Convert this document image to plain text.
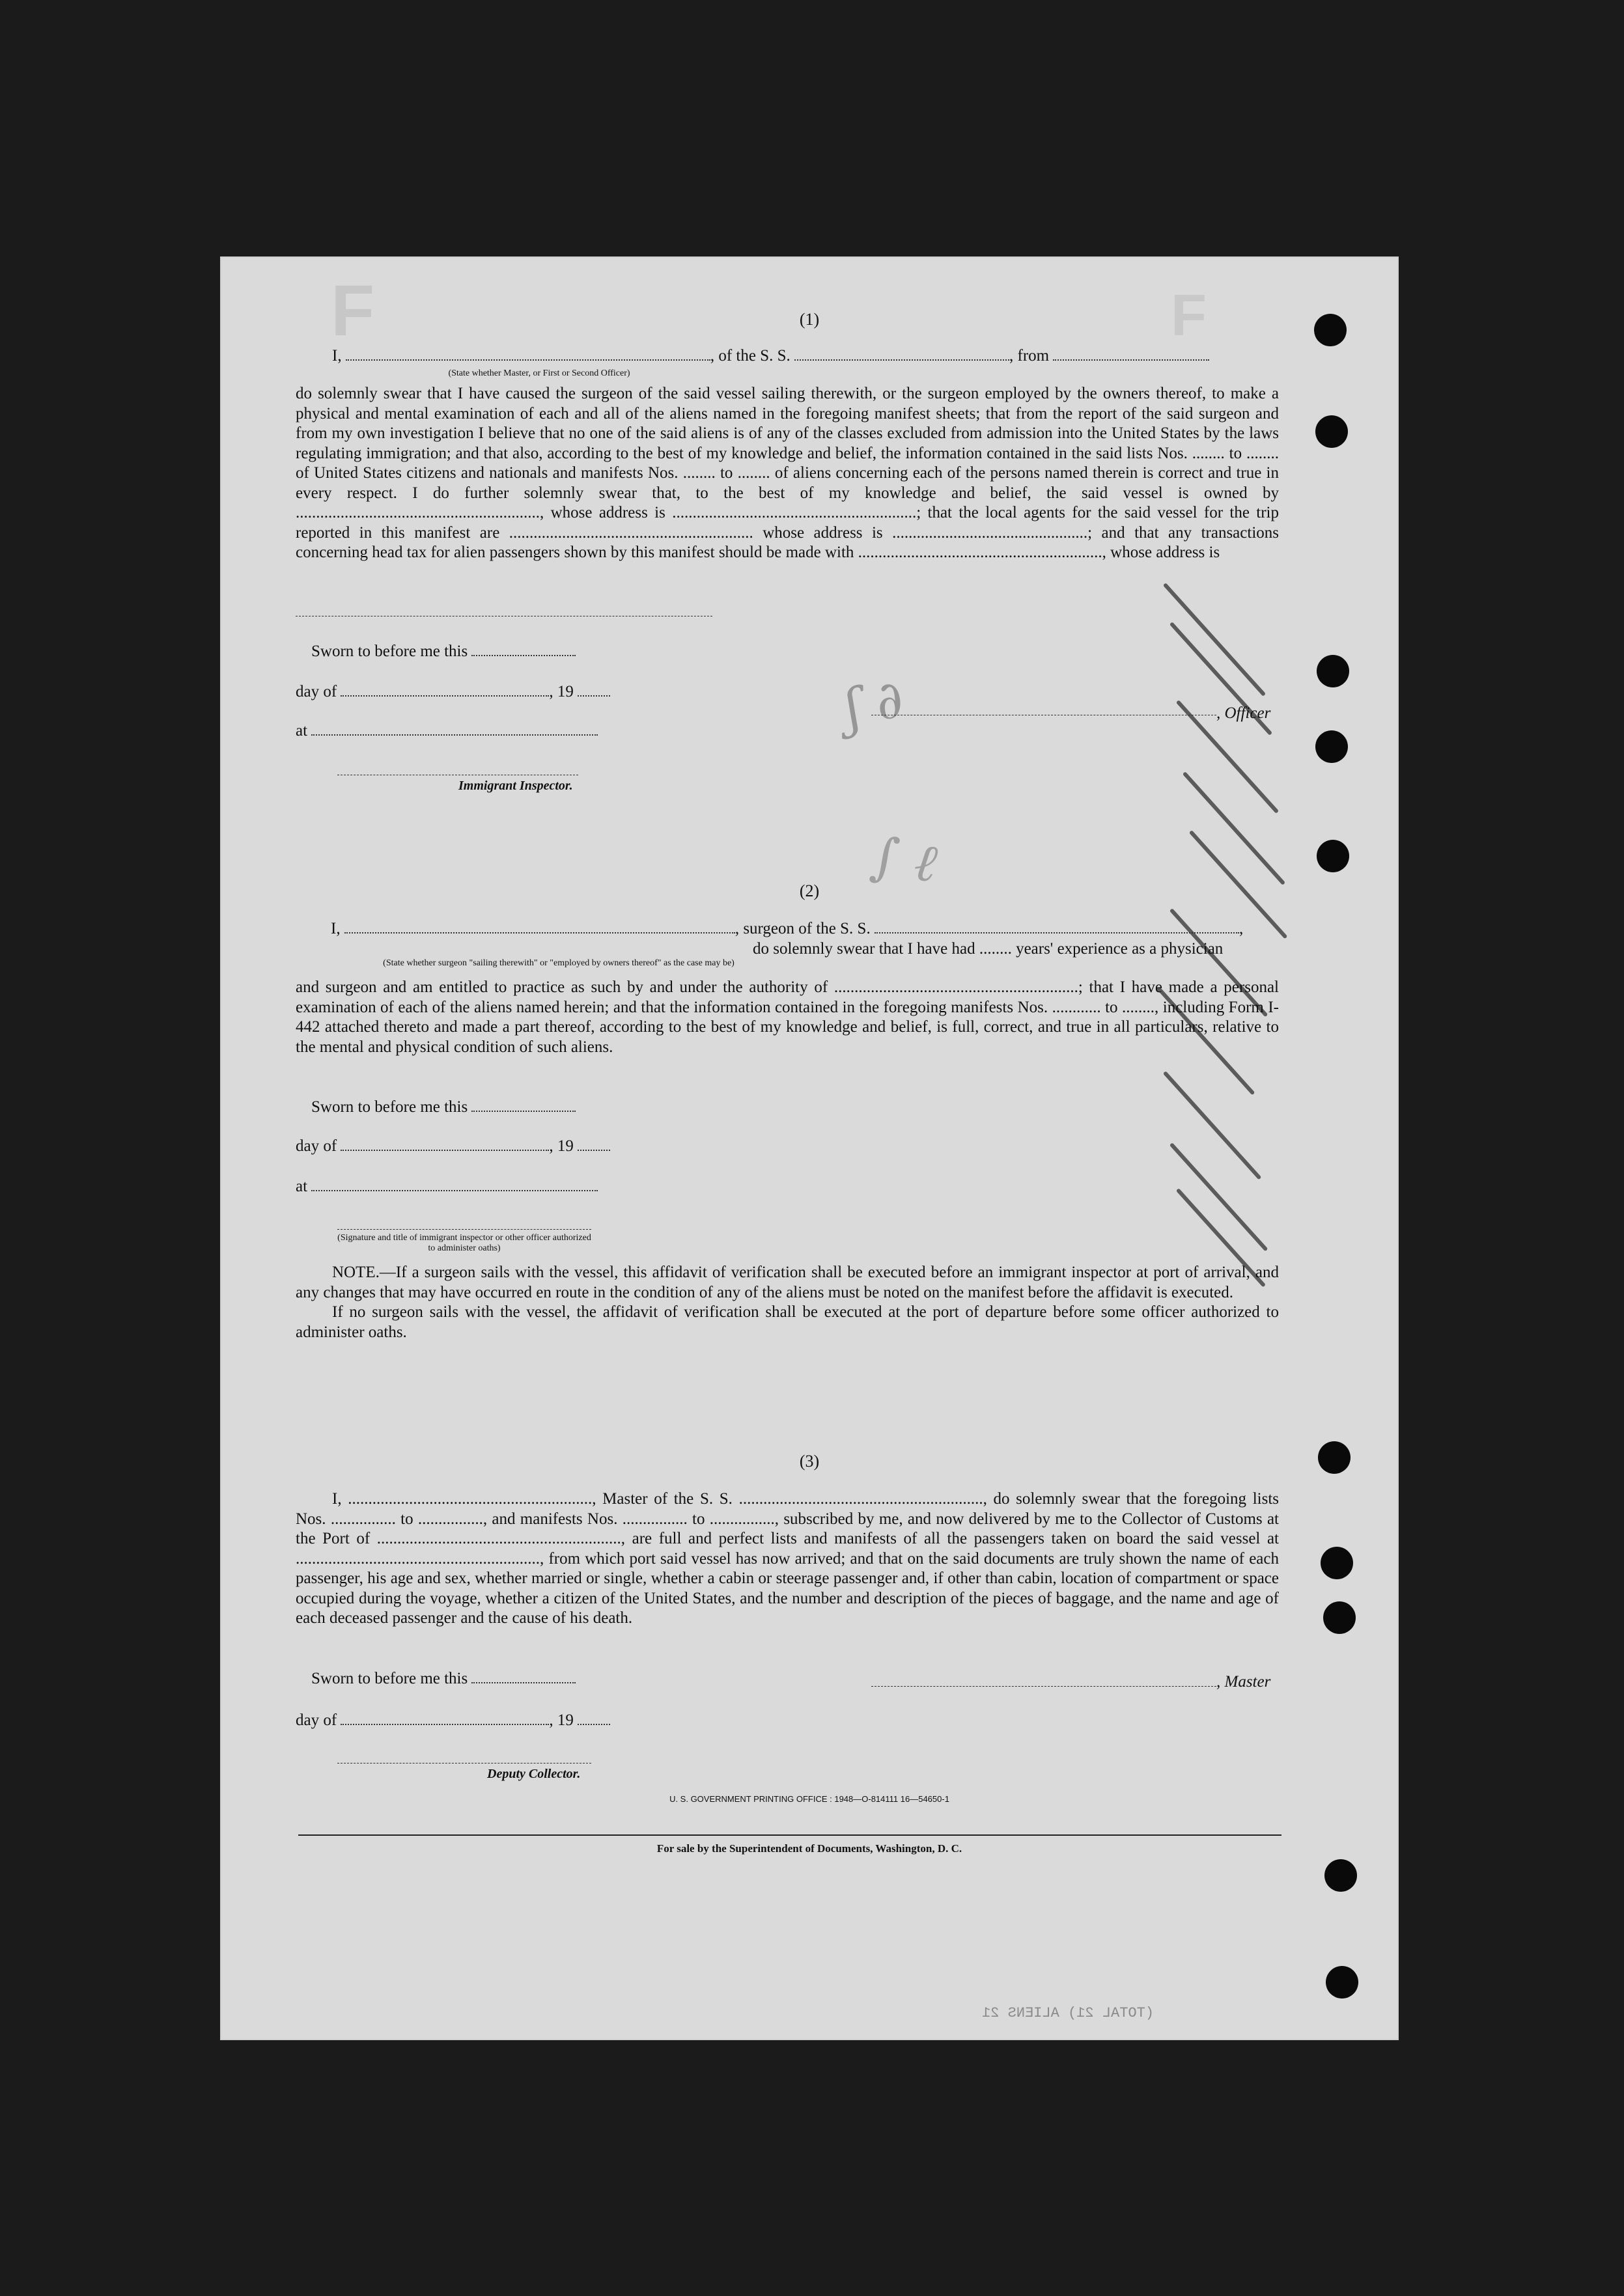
F	F
ʃ ∂
∫ ℓ
(1)
I,	, of the S. S.	, from
(State whether Master, or First or Second Officer)

do solemnly swear that I have caused the surgeon of the said vessel sailing therewith, or the surgeon employed by the owners thereof, to make a physical and mental examination of each and all of the aliens named in the foregoing manifest sheets; that from the report of the said surgeon and from my own investigation I believe that no one of the said aliens is of any of the classes excluded from admission into the United States by the laws regulating immigration; and that also, according to the best of my knowledge and belief, the information contained in the said lists Nos. ........ to ........ of United States citizens and nationals and manifests Nos. ........ to ........ of aliens concerning each of the persons named therein is correct and true in every respect. I do further solemnly swear that, to the best of my knowledge and belief, the said vessel is owned by ............................................................, whose address is ............................................................; that the local agents for the said vessel for the trip reported in this manifest are ............................................................ whose address is ................................................; and that any transactions concerning head tax for alien passengers shown by this manifest should be made with ............................................................, whose address is

Sworn to before me this
day of	, 19
at
Immigrant Inspector.
, Officer
(2)
I,	, surgeon of the S. S.	,
do solemnly swear that I have had ........ years' experience as a physician
(State whether surgeon "sailing therewith" or "employed by owners thereof" as the case may be)

and surgeon and am entitled to practice as such by and under the authority of ............................................................; that I have made a personal examination of each of the aliens named herein; and that the information contained in the foregoing manifests Nos. ............ to ........, including Form I-442 attached thereto and made a part thereof, according to the best of my knowledge and belief, is full, correct, and true in all particulars, relative to the mental and physical condition of such aliens.

Sworn to before me this
day of	, 19
at
(Signature and title of immigrant inspector or other officer authorized to administer oaths)

NOTE.—If a surgeon sails with the vessel, this affidavit of verification shall be executed before an immigrant inspector at port of arrival, and any changes that may have occurred en route in the condition of any of the aliens must be noted on the manifest before the affidavit is executed.

If no surgeon sails with the vessel, the affidavit of verification shall be executed at the port of departure before some officer authorized to administer oaths.

(3)

I, ............................................................, Master of the S. S. ............................................................, do solemnly swear that the foregoing lists Nos. ................ to ................, and manifests Nos. ................ to ................, subscribed by me, and now delivered by me to the Collector of Customs at the Port of ............................................................, are full and perfect lists and manifests of all the passengers taken on board the said vessel at ............................................................, from which port said vessel has now arrived; and that on the said documents are truly shown the name of each passenger, his age and sex, whether married or single, whether a cabin or steerage passenger and, if other than cabin, location of compartment or space occupied during the voyage, whether a citizen of the United States, and the number and description of the pieces of baggage, and the name and age of each deceased passenger and the cause of his death.

Sworn to before me this	, Master
day of	, 19
Deputy Collector.
U. S. GOVERNMENT PRINTING OFFICE : 1948—O-814111 16—54650-1
For sale by the Superintendent of Documents, Washington, D. C.
(TOTAL 21) ALIENS 21
